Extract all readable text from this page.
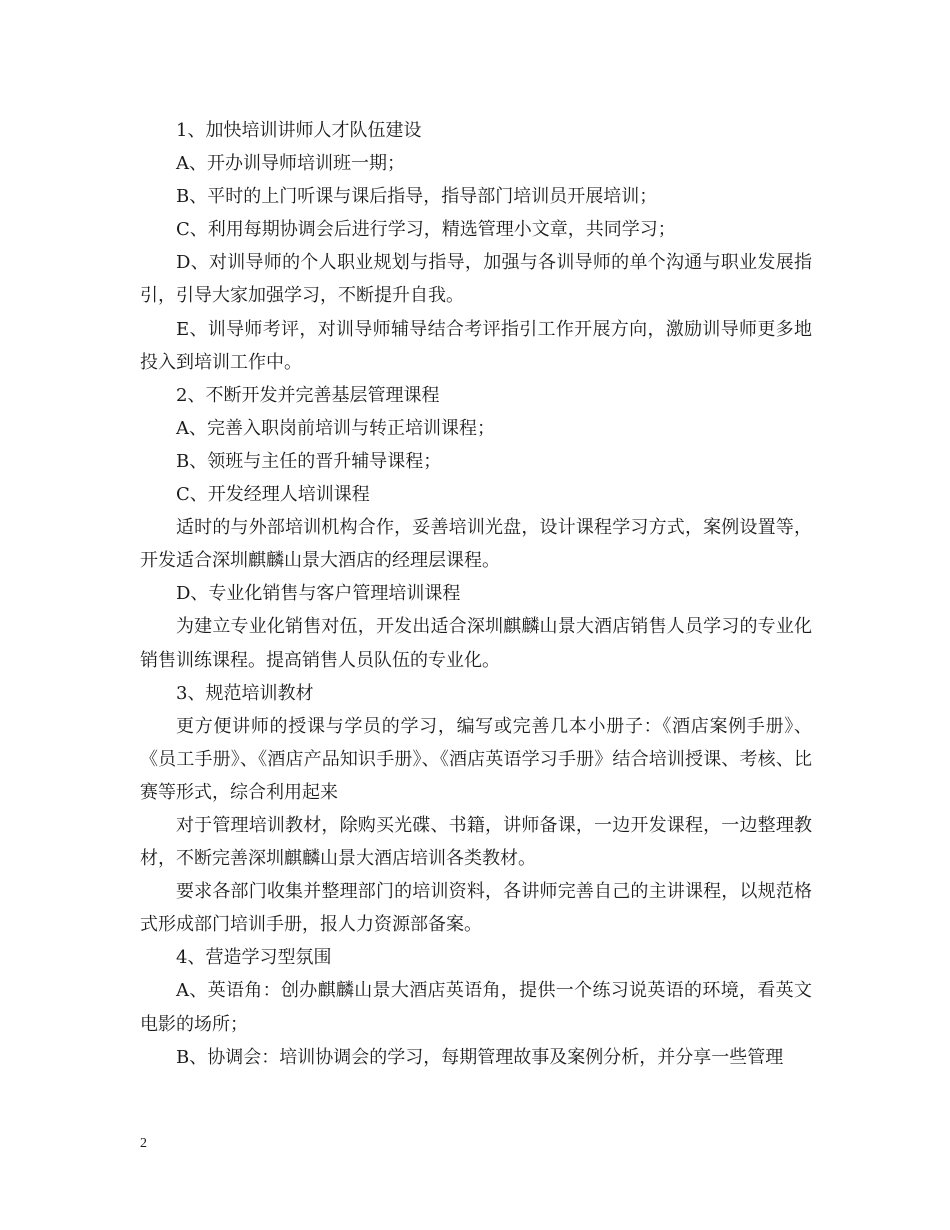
1、加快培训讲师人才队伍建设

A、开办训导师培训班一期；

B、平时的上门听课与课后指导，指导部门培训员开展培训；

C、利用每期协调会后进行学习，精选管理小文章，共同学习；

D、对训导师的个人职业规划与指导，加强与各训导师的单个沟通与职业发展指引，引导大家加强学习，不断提升自我。

E、训导师考评，对训导师辅导结合考评指引工作开展方向，激励训导师更多地投入到培训工作中。

2、不断开发并完善基层管理课程

A、完善入职岗前培训与转正培训课程；

B、领班与主任的晋升辅导课程；

C、开发经理人培训课程

适时的与外部培训机构合作，妥善培训光盘，设计课程学习方式，案例设置等，开发适合深圳麒麟山景大酒店的经理层课程。

D、专业化销售与客户管理培训课程

为建立专业化销售对伍，开发出适合深圳麒麟山景大酒店销售人员学习的专业化销售训练课程。提高销售人员队伍的专业化。

3、规范培训教材

更方便讲师的授课与学员的学习，编写或完善几本小册子：《酒店案例手册》、《员工手册》、《酒店产品知识手册》、《酒店英语学习手册》结合培训授课、考核、比赛等形式，综合利用起来

对于管理培训教材，除购买光碟、书籍，讲师备课，一边开发课程，一边整理教材，不断完善深圳麒麟山景大酒店培训各类教材。

要求各部门收集并整理部门的培训资料，各讲师完善自己的主讲课程，以规范格式形成部门培训手册，报人力资源部备案。

4、营造学习型氛围

A、英语角：创办麒麟山景大酒店英语角，提供一个练习说英语的环境，看英文电影的场所；

B、协调会：培训协调会的学习，每期管理故事及案例分析，并分享一些管理

2
